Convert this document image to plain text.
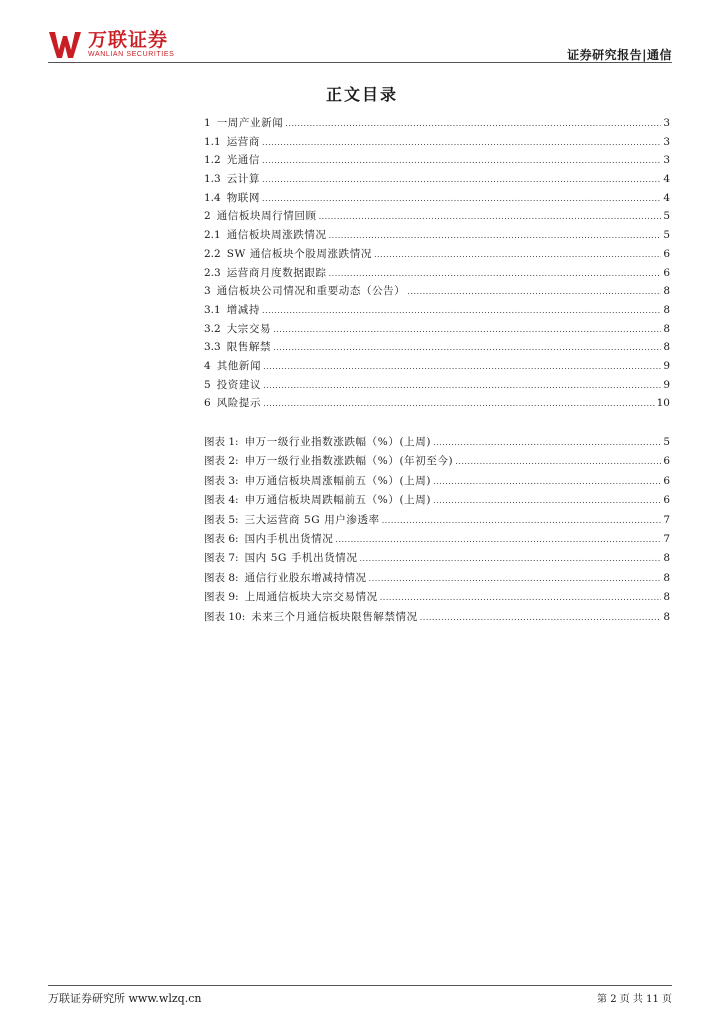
万联证券
WANLIAN SECURITIES	证券研究报告|通信
正文目录
1 一周产业新闻 .....	3
1.1 运营商 .....	3
1.2 光通信 .....	3
1.3 云计算 .....	4
1.4 物联网 .....	4
2 通信板块周行情回顾 .....	5
2.1 通信板块周涨跌情况 .....	5
2.2 SW 通信板块个股周涨跌情况 .....	6
2.3 运营商月度数据跟踪 .....	6
3 通信板块公司情况和重要动态（公告） .....	8
3.1 增减持 .....	8
3.2 大宗交易 .....	8
3.3 限售解禁 .....	8
4 其他新闻 .....	9
5 投资建议 .....	9
6 风险提示 .....	10
图表 1: 申万一级行业指数涨跌幅（%）(上周) .....	5
图表 2: 申万一级行业指数涨跌幅（%）(年初至今) .....	6
图表 3: 申万通信板块周涨幅前五（%）(上周) .....	6
图表 4: 申万通信板块周跌幅前五（%）(上周) .....	6
图表 5: 三大运营商 5G 用户渗透率 .....	7
图表 6: 国内手机出货情况 .....	7
图表 7: 国内 5G 手机出货情况 .....	8
图表 8: 通信行业股东增减持情况 .....	8
图表 9: 上周通信板块大宗交易情况 .....	8
图表 10: 未来三个月通信板块限售解禁情况 .....	8
万联证券研究所 www.wlzq.cn	第 2 页 共 11 页
